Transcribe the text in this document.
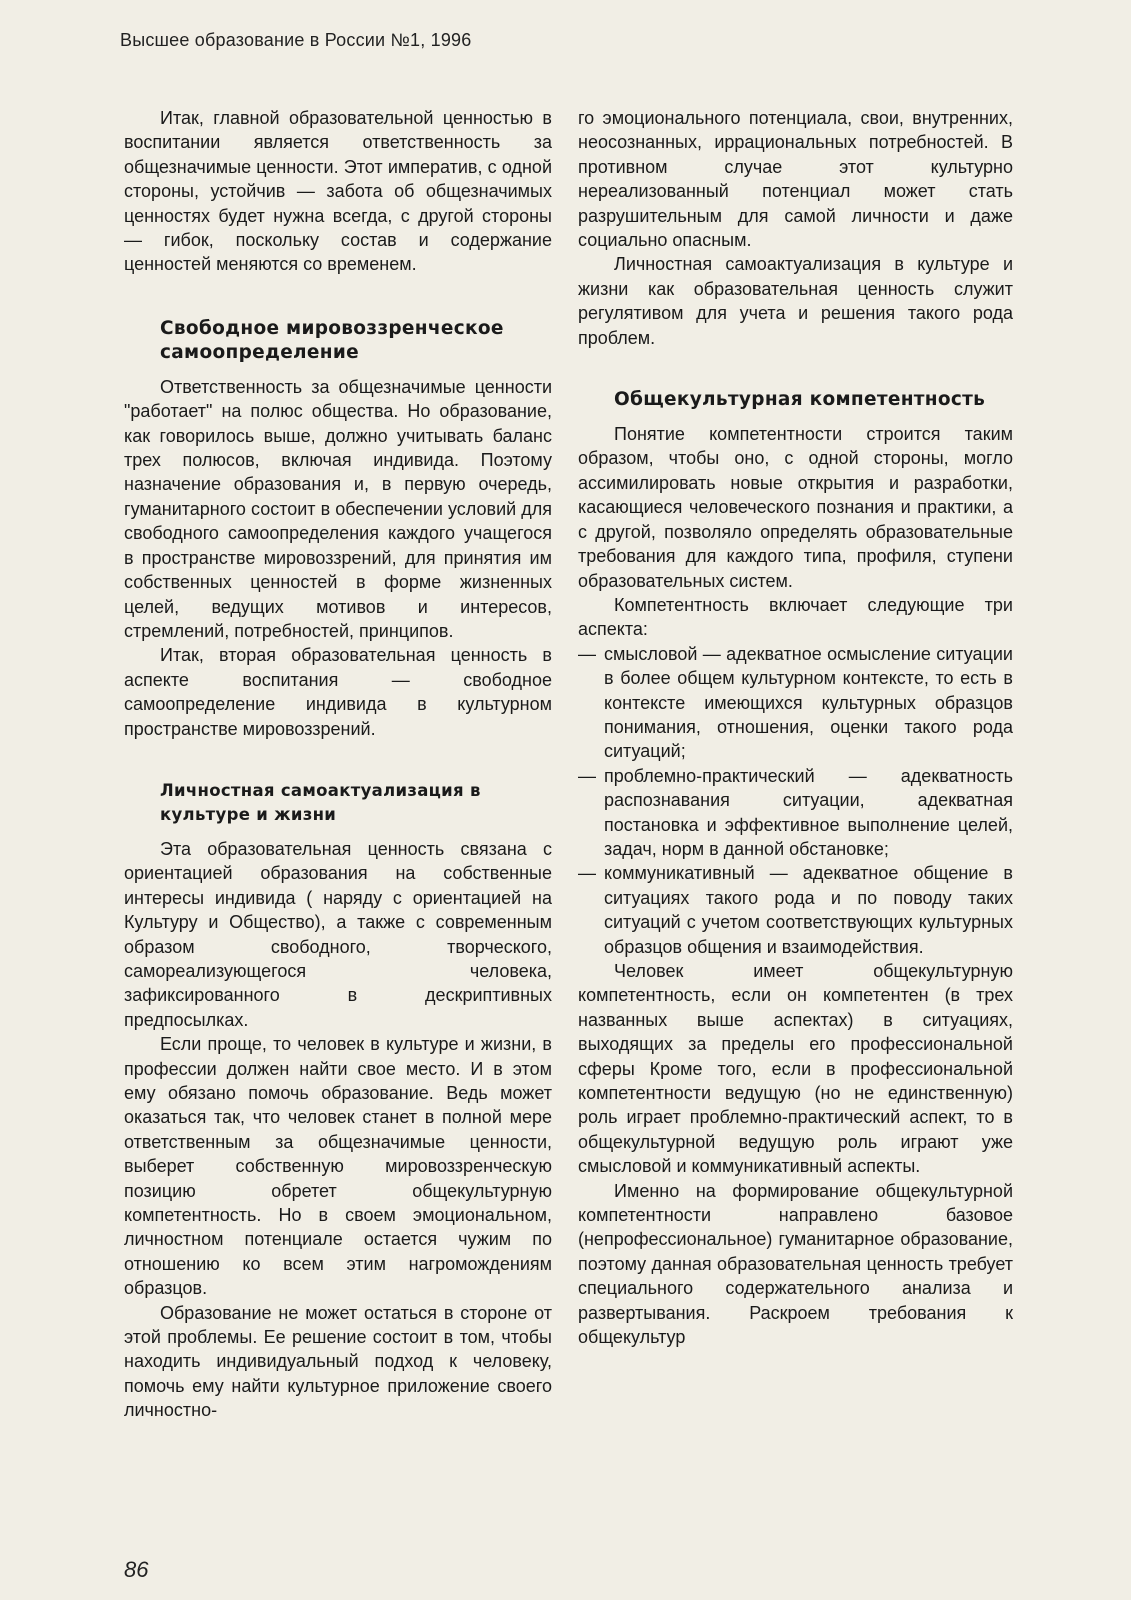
Высшее образование в России №1, 1996

Итак, главной образовательной ценностью в воспитании является ответственность за общезначимые ценности. Этот императив, с одной стороны, устойчив — забота об общезначимых ценностях будет нужна всегда, с другой стороны — гибок, поскольку состав и содержание ценностей меняются со временем.

Свободное мировоззренческое самоопределение

Ответственность за общезначимые ценности "работает" на полюс общества. Но образование, как говорилось выше, должно учитывать баланс трех полюсов, включая индивида. Поэтому назначение образования и, в первую очередь, гуманитарного состоит в обеспечении условий для свободного самоопределения каждого учащегося в пространстве мировоззрений, для принятия им собственных ценностей в форме жизненных целей, ведущих мотивов и интересов, стремлений, потребностей, принципов.

Итак, вторая образовательная ценность в аспекте воспитания — свободное самоопределение индивида в культурном пространстве мировоззрений.

Личностная самоактуализация в культуре и жизни

Эта образовательная ценность связана с ориентацией образования на собственные интересы индивида ( наряду с ориентацией на Культуру и Общество), а также с современным образом свободного, творческого, самореализующегося человека, зафиксированного в дескриптивных предпосылках.

Если проще, то человек в культуре и жизни, в профессии должен найти свое место. И в этом ему обязано помочь образование. Ведь может оказаться так, что человек станет в полной мере ответственным за общезначимые ценности, выберет собственную мировоззренческую позицию обретет общекультурную компетентность. Но в своем эмоциональном, личностном потенциале остается чужим по отношению ко всем этим нагромождениям образцов.

Образование не может остаться в стороне от этой проблемы. Ее решение состоит в том, чтобы находить индивидуальный подход к человеку, помочь ему найти культурное приложение своего личностно-

го эмоционального потенциала, свои, внутренних, неосознанных, иррациональных потребностей. В противном случае этот культурно нереализованный потенциал может стать разрушительным для самой личности и даже социально опасным.

Личностная самоактуализация в культуре и жизни как образовательная ценность служит регулятивом для учета и решения такого рода проблем.

Общекультурная компетентность

Понятие компетентности строится таким образом, чтобы оно, с одной стороны, могло ассимилировать новые открытия и разработки, касающиеся человеческого познания и практики, а с другой, позволяло определять образовательные требования для каждого типа, профиля, ступени образовательных систем.

Компетентность включает следующие три аспекта:

— смысловой — адекватное осмысление ситуации в более общем культурном контексте, то есть в контексте имеющихся культурных образцов понимания, отношения, оценки такого рода ситуаций;
— проблемно-практический — адекватность распознавания ситуации, адекватная постановка и эффективное выполнение целей, задач, норм в данной обстановке;
— коммуникативный — адекватное общение в ситуациях такого рода и по поводу таких ситуаций с учетом соответствующих культурных образцов общения и взаимодействия.

Человек имеет общекультурную компетентность, если он компетентен (в трех названных выше аспектах) в ситуациях, выходящих за пределы его профессиональной сферы Кроме того, если в профессиональной компетентности ведущую (но не единственную) роль играет проблемно-практический аспект, то в общекультурной ведущую роль играют уже смысловой и коммуникативный аспекты.

Именно на формирование общекультурной компетентности направлено базовое (непрофессиональное) гуманитарное образование, поэтому данная образовательная ценность требует специального содержательного анализа и развертывания. Раскроем требования к общекультур

86
